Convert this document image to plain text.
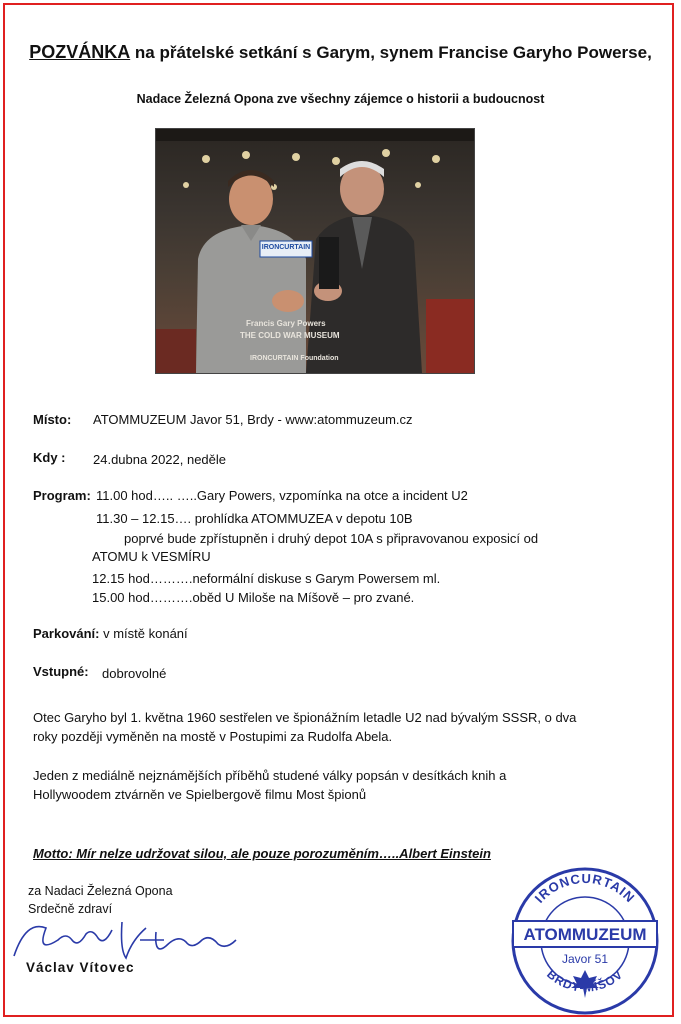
POZVÁNKA na přátelské setkání s Garym, synem Francise Garyho Powerse,
Nadace Železná Opona zve všechny zájemce o historii a budoucnost
IRONCURTAIN
Francis Gary Powers
THE COLD WAR MUSEUM
IRONCURTAIN Foundation
Místo: ATOMMUZEUM Javor 51, Brdy - www:atommuzeum.cz
Kdy : 24.dubna 2022, neděle
Program: 11.00 hod….. …..Gary Powers, vzpomínka na otce a incident U2
11.30 – 12.15…. prohlídka ATOMMUZEA v depotu 10B
poprvé bude zpřístupněn i druhý depot 10A s připravovanou exposicí od
ATOMU k VESMÍRU
12.15 hod……….neformální diskuse s Garym Powersem ml.
15.00 hod……….oběd U Miloše na Míšově – pro zvané.
Parkování: v místě konání
Vstupné: dobrovolné
Otec Garyho byl 1. května 1960 sestřelen ve špionážním letadle U2 nad bývalým SSSR, o dva
roky později vyměněn na mostě v Postupimi za Rudolfa Abela.
Jeden z mediálně nejznámějších příběhů studené války popsán v desítkách knih a
Hollywoodem ztvárněn ve Spielbergově filmu Most špionů
Motto: Mír nelze udržovat silou, ale pouze porozuměním…..Albert Einstein
za Nadaci Železná Opona
Srdečně zdraví
Václav Vítovec
IRONCURTAIN
ATOMMUZEUM
Javor 51
BRDY-MÍŠOV
